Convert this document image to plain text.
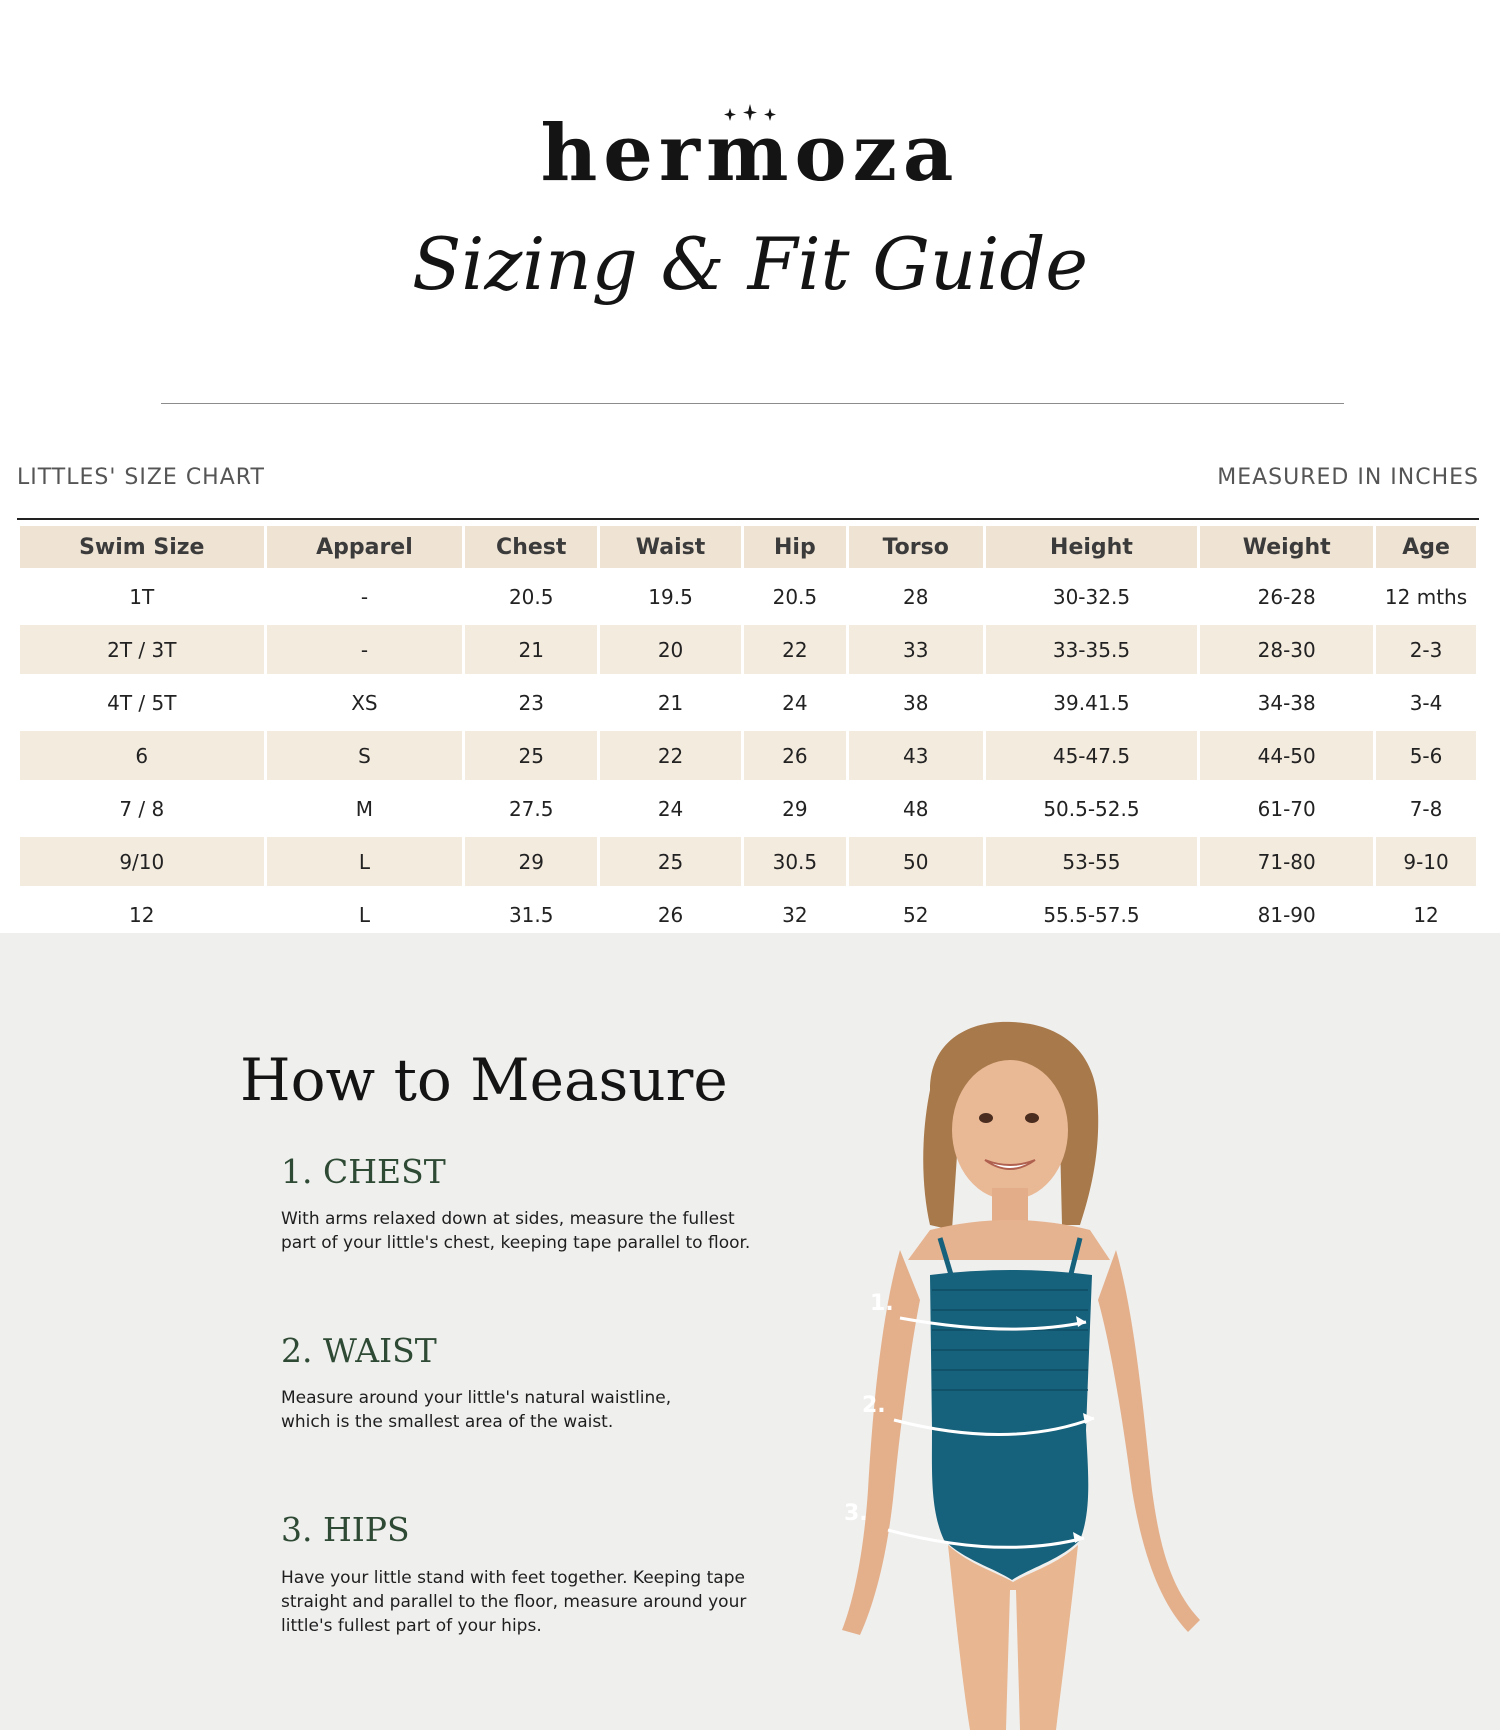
hermoza
Sizing & Fit Guide
LITTLES' SIZE CHART	MEASURED IN INCHES
Swim Size	Apparel	Chest	Waist	Hip	Torso	Height	Weight	Age
1T	-	20.5	19.5	20.5	28	30-32.5	26-28	12 mths
2T / 3T	-	21	20	22	33	33-35.5	28-30	2-3
4T / 5T	XS	23	21	24	38	39.41.5	34-38	3-4
6	S	25	22	26	43	45-47.5	44-50	5-6
7 / 8	M	27.5	24	29	48	50.5-52.5	61-70	7-8
9/10	L	29	25	30.5	50	53-55	71-80	9-10
12	L	31.5	26	32	52	55.5-57.5	81-90	12
How to Measure
1. CHEST
With arms relaxed down at sides, measure the fullest
part of your little's chest, keeping tape parallel to floor.
2. WAIST
Measure around your little's natural waistline,
which is the smallest area of the waist.
3. HIPS
Have your little stand with feet together. Keeping tape
straight and parallel to the floor, measure around your
little's fullest part of your hips.
1.
2.
3.
